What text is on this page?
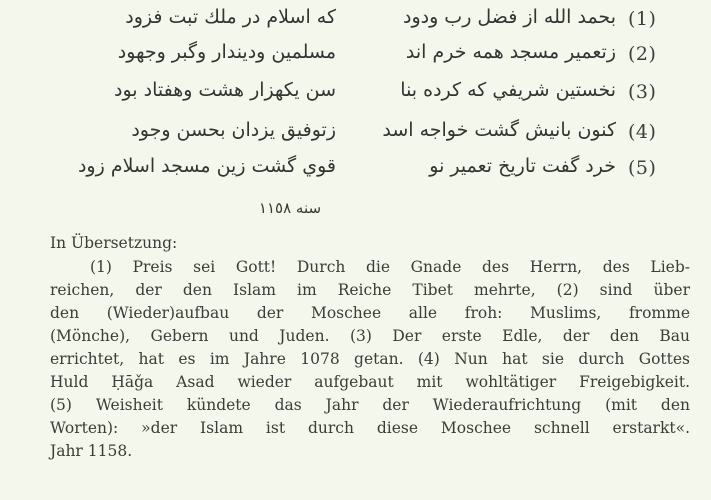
كه اسلام در ملك تبت فزود	بحمد الله از فضل رب ودود (1)
مسلمين وديندار وگبر وجهود	زتعمير مسجد همه خرم اند (2)
سن يكهزار هشت وهفتاد بود	نخستين شريفي كه كرده بنا (3)
زتوفيق يزدان بحسن وجود	كنون بانيش گشت خواجه اسد (4)
قوي گشت زين مسجد اسلام زود	خرد گفت تاريخ تعمير نو (5)
سنه ١١٥٨

In Übersetzung:

(1) Preis sei Gott! Durch die Gnade des Herrn, des Lieb-
reichen, der den Islam im Reiche Tibet mehrte, (2) sind über
den (Wieder)aufbau der Moschee alle froh: Muslims, fromme
(Mönche), Gebern und Juden. (3) Der erste Edle, der den Bau
errichtet, hat es im Jahre 1078 getan. (4) Nun hat sie durch Gottes
Huld Ḥāǧa Asad wieder aufgebaut mit wohltätiger Freigebigkeit.
(5) Weisheit kündete das Jahr der Wiederaufrichtung (mit den
Worten): »der Islam ist durch diese Moschee schnell erstarkt«.
Jahr 1158.
